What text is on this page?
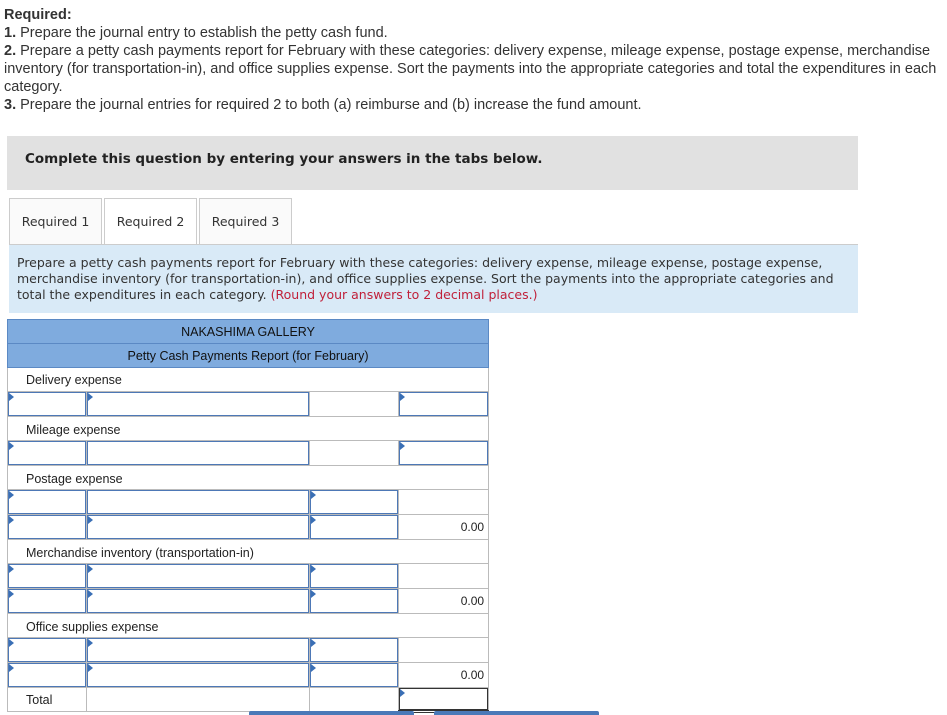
Required:
1. Prepare the journal entry to establish the petty cash fund.
2. Prepare a petty cash payments report for February with these categories: delivery expense, mileage expense, postage expense, merchandise inventory (for transportation-in), and office supplies expense. Sort the payments into the appropriate categories and total the expenditures in each category.
3. Prepare the journal entries for required 2 to both (a) reimburse and (b) increase the fund amount.
Complete this question by entering your answers in the tabs below.
Required 1	Required 2	Required 3
Prepare a petty cash payments report for February with these categories: delivery expense, mileage expense, postage expense, merchandise inventory (for transportation-in), and office supplies expense. Sort the payments into the appropriate categories and total the expenditures in each category. (Round your answers to 2 decimal places.)
NAKASHIMA GALLERY			
Petty Cash Payments Report (for February)			
Delivery expense			

Mileage expense			

Postage expense			

	0.00
Merchandise inventory (transportation-in)			

	0.00
Office supplies expense			

	0.00
Total			
